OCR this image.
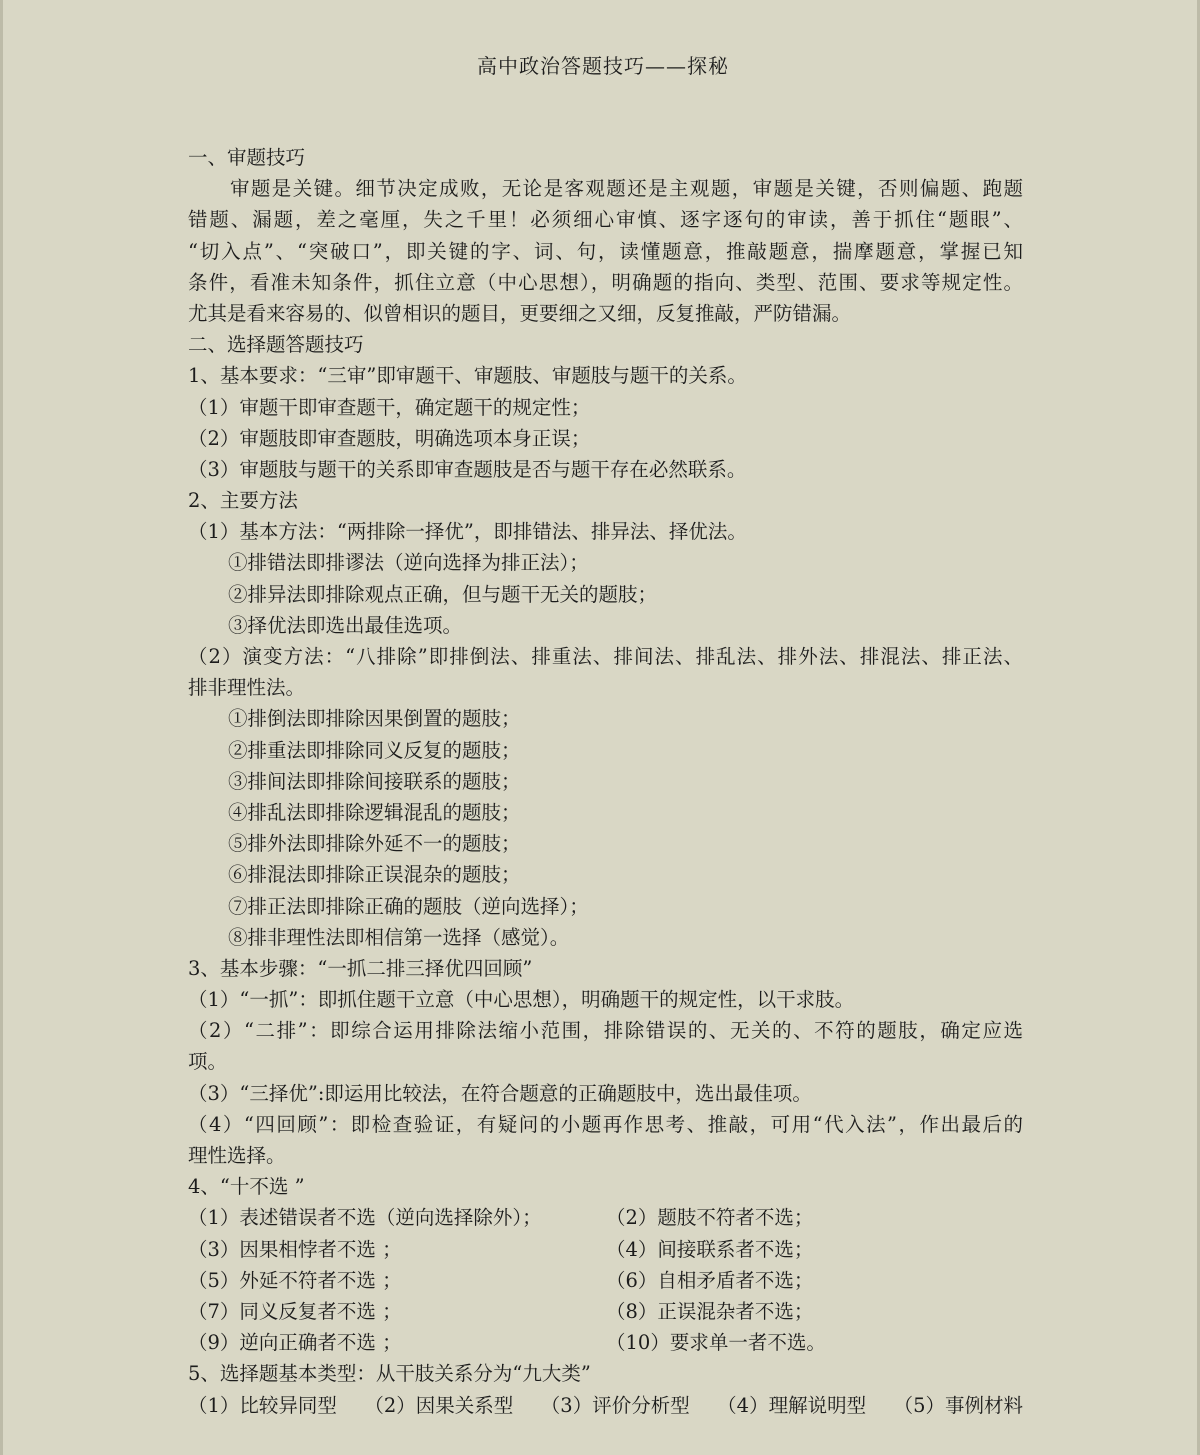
高中政治答题技巧——探秘
一、审题技巧
审题是关键。细节决定成败，无论是客观题还是主观题，审题是关键，否则偏题、跑题
错题、漏题，差之毫厘，失之千里！必须细心审慎、逐字逐句的审读，善于抓住“题眼”、
“切入点”、“突破口”，即关键的字、词、句，读懂题意，推敲题意，揣摩题意，掌握已知
条件，看准未知条件，抓住立意（中心思想），明确题的指向、类型、范围、要求等规定性。
尤其是看来容易的、似曾相识的题目，更要细之又细，反复推敲，严防错漏。
二、选择题答题技巧
1、基本要求：“三审”即审题干、审题肢、审题肢与题干的关系。
（1）审题干即审查题干，确定题干的规定性；
（2）审题肢即审查题肢，明确选项本身正误；
（3）审题肢与题干的关系即审查题肢是否与题干存在必然联系。
2、主要方法
（1）基本方法：“两排除一择优”，即排错法、排异法、择优法。
①排错法即排谬法（逆向选择为排正法）；
②排异法即排除观点正确，但与题干无关的题肢；
③择优法即选出最佳选项。
（2）演变方法：“八排除”即排倒法、排重法、排间法、排乱法、排外法、排混法、排正法、
排非理性法。
①排倒法即排除因果倒置的题肢；
②排重法即排除同义反复的题肢；
③排间法即排除间接联系的题肢；
④排乱法即排除逻辑混乱的题肢；
⑤排外法即排除外延不一的题肢；
⑥排混法即排除正误混杂的题肢；
⑦排正法即排除正确的题肢（逆向选择）；
⑧排非理性法即相信第一选择（感觉）。
3、基本步骤：“一抓二排三择优四回顾”
（1）“一抓”：即抓住题干立意（中心思想），明确题干的规定性，以干求肢。
（2）“二排”：即综合运用排除法缩小范围，排除错误的、无关的、不符的题肢，确定应选
项。
（3）“三择优”:即运用比较法，在符合题意的正确题肢中，选出最佳项。
（4）“四回顾”：即检查验证，有疑问的小题再作思考、推敲，可用“代入法”，作出最后的
理性选择。
4、“十不选 ”
（1）表述错误者不选（逆向选择除外）；	（2）题肢不符者不选；
（3）因果相悖者不选 ；	（4）间接联系者不选；
（5）外延不符者不选 ；	（6）自相矛盾者不选；
（7）同义反复者不选 ；	（8）正误混杂者不选；
（9）逆向正确者不选 ；	（10）要求单一者不选。
5、选择题基本类型：从干肢关系分为“九大类”
（1）比较异同型 （2）因果关系型 （3）评价分析型 （4）理解说明型 （5）事例材料
